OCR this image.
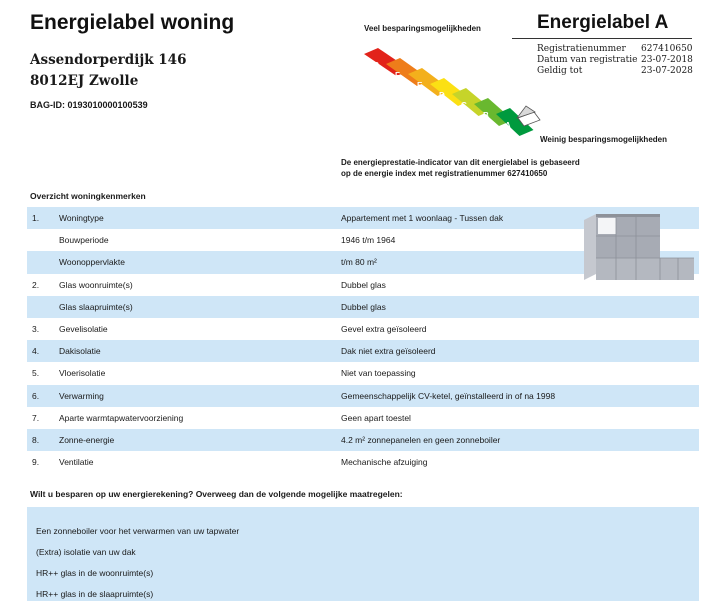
Energielabel woning
Assendorperdijk 146
8012EJ Zwolle
BAG-ID: 0193010000100539
Energielabel A
Registratienummer	627410650
Datum van registratie 23-07-2018
Geldig tot	23-07-2028
Veel besparingsmogelijkheden
G
F
E
D
C
B
A
Weinig besparingsmogelijkheden
De energieprestatie-indicator van dit energielabel is gebaseerd
op de energie index met registratienummer 627410650
Overzicht woningkenmerken
1.	Woningtype	Appartement met 1 woonlaag - Tussen dak
Bouwperiode	1946 t/m 1964
Woonoppervlakte	t/m 80 m²
2.	Glas woonruimte(s)	Dubbel glas
Glas slaapruimte(s)	Dubbel glas
3.	Gevelisolatie	Gevel extra geïsoleerd
4.	Dakisolatie	Dak niet extra geïsoleerd
5.	Vloerisolatie	Niet van toepassing
6.	Verwarming	Gemeenschappelijk CV-ketel, geïnstalleerd in of na 1998
7.	Aparte warmtapwatervoorziening	Geen apart toestel
8.	Zonne-energie	4.2 m² zonnepanelen en geen zonneboiler
9.	Ventilatie	Mechanische afzuiging
Wilt u besparen op uw energierekening? Overweeg dan de volgende mogelijke maatregelen:
Een zonneboiler voor het verwarmen van uw tapwater
(Extra) isolatie van uw dak
HR++ glas in de woonruimte(s)
HR++ glas in de slaapruimte(s)
